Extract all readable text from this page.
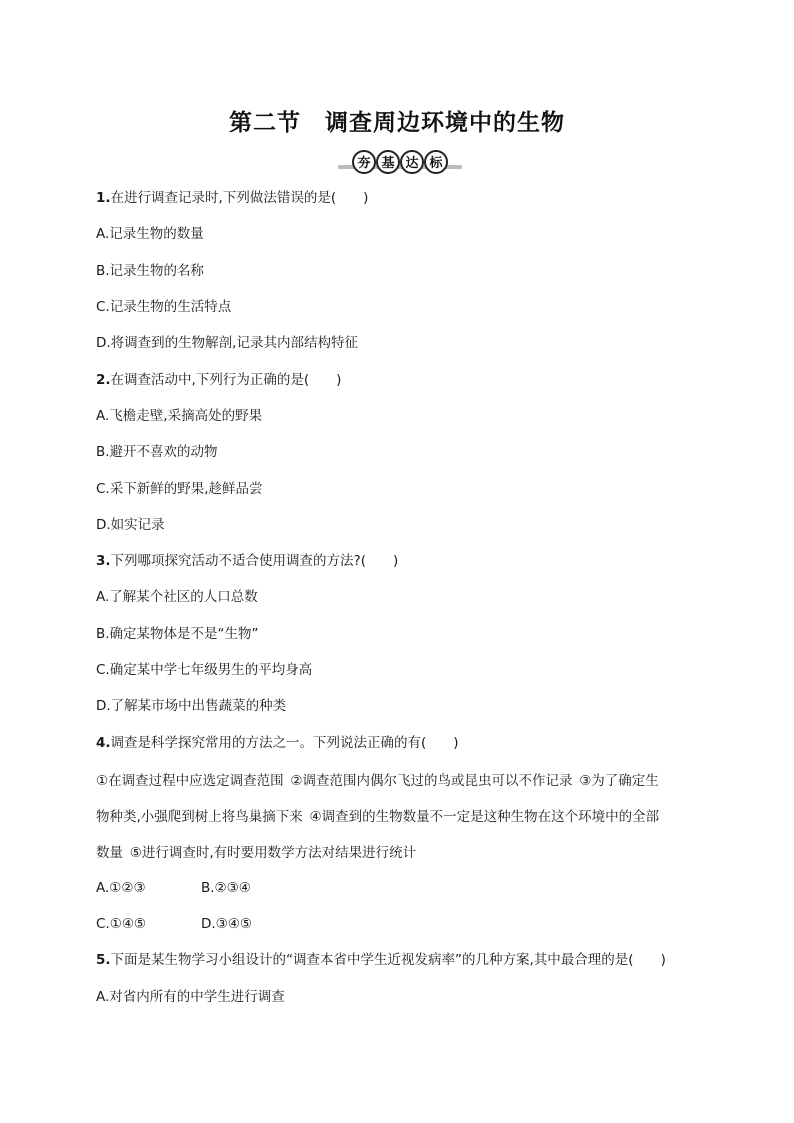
第二节　调查周边环境中的生物
夯 基 达 标
1. 在进行调查记录时,下列做法错误的是(　　)
A.记录生物的数量
B.记录生物的名称
C.记录生物的生活特点
D.将调查到的生物解剖,记录其内部结构特征
2. 在调查活动中,下列行为正确的是(　　)
A.飞檐走壁,采摘高处的野果
B.避开不喜欢的动物
C.采下新鲜的野果,趁鲜品尝
D.如实记录
3. 下列哪项探究活动不适合使用调查的方法?(　　)
A.了解某个社区的人口总数
B.确定某物体是不是“生物”
C.确定某中学七年级男生的平均身高
D.了解某市场中出售蔬菜的种类
4. 调查是科学探究常用的方法之一。下列说法正确的有(　　)
①在调查过程中应选定调查范围 ②调查范围内偶尔飞过的鸟或昆虫可以不作记录 ③为了确定生
物种类,小强爬到树上将鸟巢摘下来 ④调查到的生物数量不一定是这种生物在这个环境中的全部
数量 ⑤进行调查时,有时要用数学方法对结果进行统计
A.①②③	B.②③④
C.①④⑤	D.③④⑤
5. 下面是某生物学习小组设计的“调查本省中学生近视发病率”的几种方案,其中最合理的是(　　)
A.对省内所有的中学生进行调查
